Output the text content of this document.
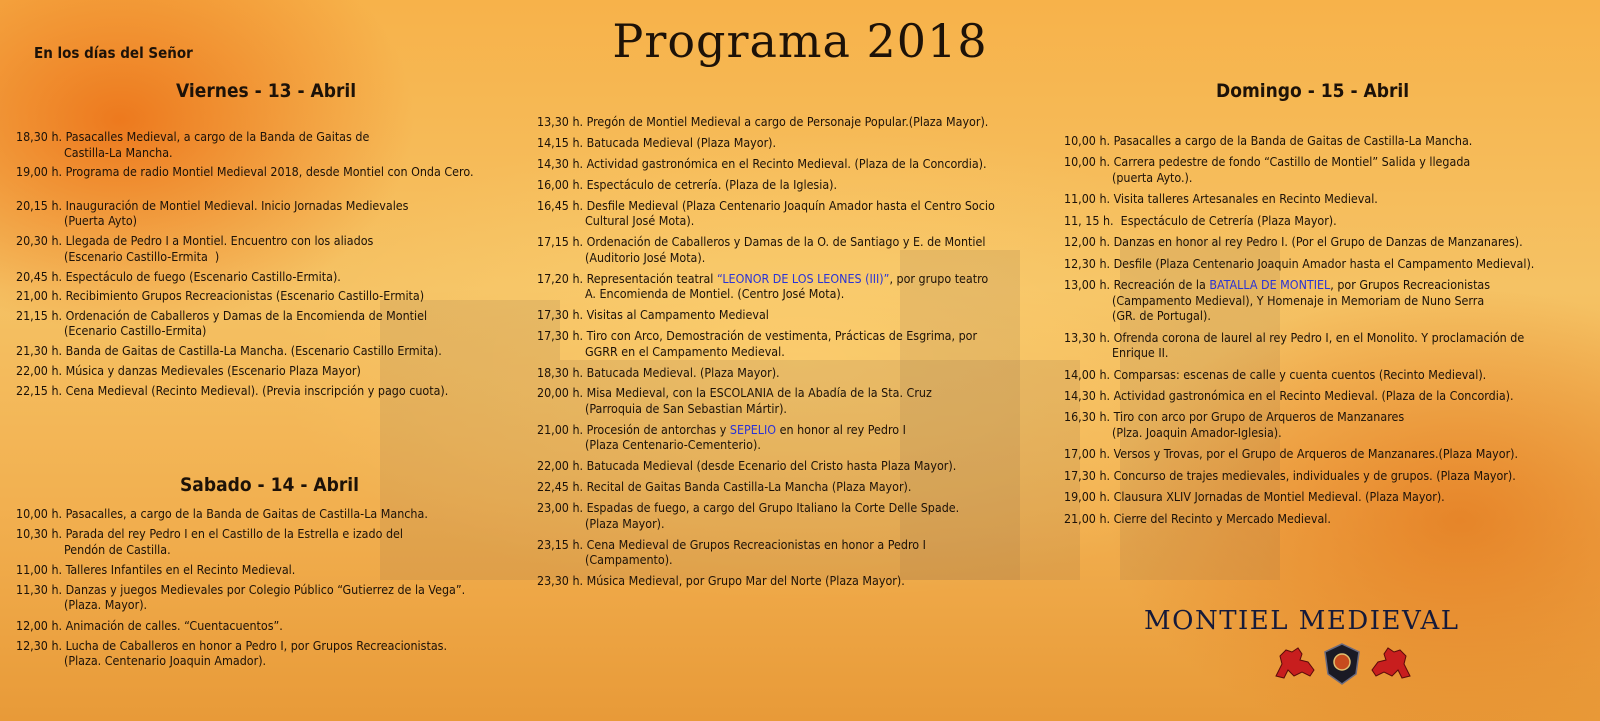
Programa 2018
En los días del Señor
Viernes - 13 - Abril
Sabado - 14 - Abril
Domingo - 15 - Abril
18,30 h. Pasacalles Medieval, a cargo de la Banda de Gaitas de
Castilla-La Mancha.
19,00 h. Programa de radio Montiel Medieval 2018, desde Montiel con Onda Cero.
20,15 h. Inauguración de Montiel Medieval. Inicio Jornadas Medievales
(Puerta Ayto)
20,30 h. Llegada de Pedro I a Montiel. Encuentro con los aliados
(Escenario Castillo-Ermita  )
20,45 h. Espectáculo de fuego (Escenario Castillo-Ermita).
21,00 h. Recibimiento Grupos Recreacionistas (Escenario Castillo-Ermita)
21,15 h. Ordenación de Caballeros y Damas de la Encomienda de Montiel
(Ecenario Castillo-Ermita)
21,30 h. Banda de Gaitas de Castilla-La Mancha. (Escenario Castillo Ermita).
22,00 h. Música y danzas Medievales (Escenario Plaza Mayor)
22,15 h. Cena Medieval (Recinto Medieval). (Previa inscripción y pago cuota).
10,00 h. Pasacalles, a cargo de la Banda de Gaitas de Castilla-La Mancha.
10,30 h. Parada del rey Pedro I en el Castillo de la Estrella e izado del
Pendón de Castilla.
11,00 h. Talleres Infantiles en el Recinto Medieval.
11,30 h. Danzas y juegos Medievales por Colegio Público “Gutierrez de la Vega”.
(Plaza. Mayor).
12,00 h. Animación de calles. “Cuentacuentos”.
12,30 h. Lucha de Caballeros en honor a Pedro I, por Grupos Recreacionistas.
(Plaza. Centenario Joaquin Amador).
13,30 h. Pregón de Montiel Medieval a cargo de Personaje Popular.(Plaza Mayor).
14,15 h. Batucada Medieval (Plaza Mayor).
14,30 h. Actividad gastronómica en el Recinto Medieval. (Plaza de la Concordia).
16,00 h. Espectáculo de cetrería. (Plaza de la Iglesia).
16,45 h. Desfile Medieval (Plaza Centenario Joaquín Amador hasta el Centro Socio
Cultural José Mota).
17,15 h. Ordenación de Caballeros y Damas de la O. de Santiago y E. de Montiel
(Auditorio José Mota).
17,20 h. Representación teatral “LEONOR DE LOS LEONES (III)”, por grupo teatro
A. Encomienda de Montiel. (Centro José Mota).
17,30 h. Visitas al Campamento Medieval
17,30 h. Tiro con Arco, Demostración de vestimenta, Prácticas de Esgrima, por
GGRR en el Campamento Medieval.
18,30 h. Batucada Medieval. (Plaza Mayor).
20,00 h. Misa Medieval, con la ESCOLANIA de la Abadía de la Sta. Cruz
(Parroquia de San Sebastian Mártir).
21,00 h. Procesión de antorchas y SEPELIO en honor al rey Pedro I
(Plaza Centenario-Cementerio).
22,00 h. Batucada Medieval (desde Ecenario del Cristo hasta Plaza Mayor).
22,45 h. Recital de Gaitas Banda Castilla-La Mancha (Plaza Mayor).
23,00 h. Espadas de fuego, a cargo del Grupo Italiano la Corte Delle Spade.
(Plaza Mayor).
23,15 h. Cena Medieval de Grupos Recreacionistas en honor a Pedro I
(Campamento).
23,30 h. Música Medieval, por Grupo Mar del Norte (Plaza Mayor).
10,00 h. Pasacalles a cargo de la Banda de Gaitas de Castilla-La Mancha.
10,00 h. Carrera pedestre de fondo “Castillo de Montiel” Salida y llegada
(puerta Ayto.).
11,00 h. Visita talleres Artesanales en Recinto Medieval.
11, 15 h.  Espectáculo de Cetrería (Plaza Mayor).
12,00 h. Danzas en honor al rey Pedro I. (Por el Grupo de Danzas de Manzanares).
12,30 h. Desfile (Plaza Centenario Joaquin Amador hasta el Campamento Medieval).
13,00 h. Recreación de la BATALLA DE MONTIEL, por Grupos Recreacionistas
(Campamento Medieval), Y Homenaje in Memoriam de Nuno Serra
(GR. de Portugal).
13,30 h. Ofrenda corona de laurel al rey Pedro I, en el Monolito. Y proclamación de
Enrique II.
14,00 h. Comparsas: escenas de calle y cuenta cuentos (Recinto Medieval).
14,30 h. Actividad gastronómica en el Recinto Medieval. (Plaza de la Concordia).
16,30 h. Tiro con arco por Grupo de Arqueros de Manzanares
(Plza. Joaquin Amador-Iglesia).
17,00 h. Versos y Trovas, por el Grupo de Arqueros de Manzanares.(Plaza Mayor).
17,30 h. Concurso de trajes medievales, individuales y de grupos. (Plaza Mayor).
19,00 h. Clausura XLIV Jornadas de Montiel Medieval. (Plaza Mayor).
21,00 h. Cierre del Recinto y Mercado Medieval.
MONTIEL MEDIEVAL
